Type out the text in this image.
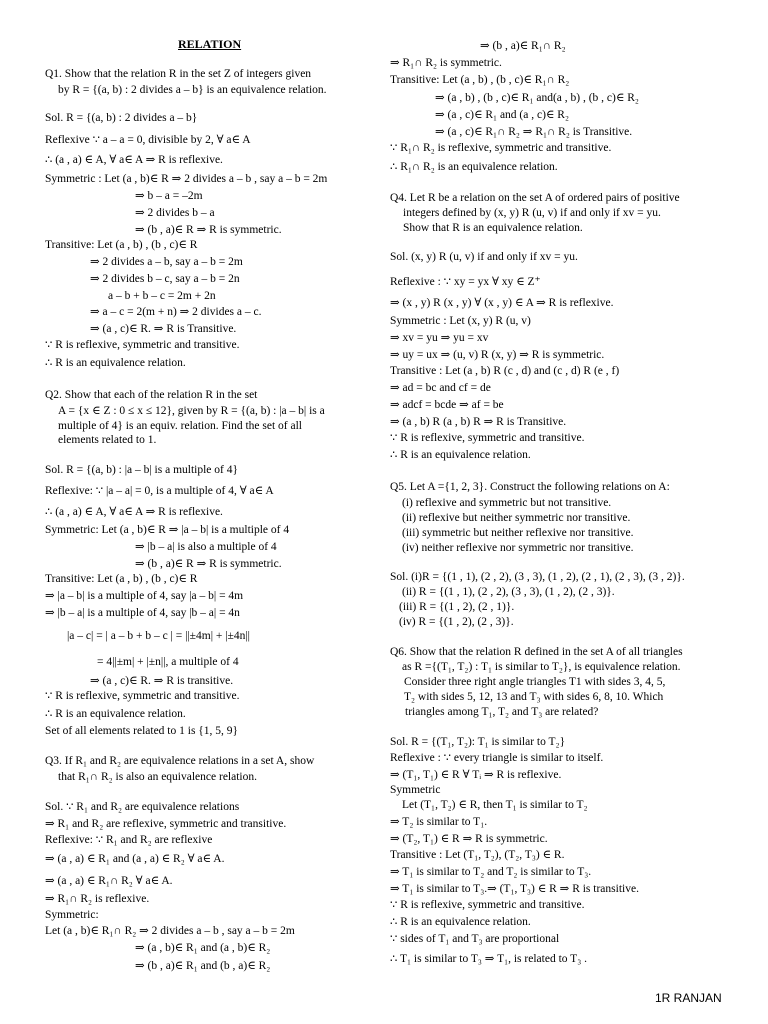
RELATION
Q1. Show that the relation R in the set Z of integers given
by R = {(a, b) : 2 divides a – b} is an equivalence relation.
Sol. R = {(a, b) : 2 divides a – b}
Reflexive ∵ a – a = 0, divisible by 2, ∀ a∈ A
∴ (a , a) ∈ A, ∀ a∈ A ⇒ R is reflexive.
Symmetric : Let (a , b)∈ R ⇒ 2 divides a – b , say a – b = 2m
⇒ b – a = –2m
⇒ 2 divides b – a
⇒ (b , a)∈ R ⇒ R is symmetric.
Transitive: Let (a , b) , (b , c)∈ R
⇒ 2 divides a – b, say a – b = 2m
⇒ 2 divides b – c, say a – b = 2n
a – b + b – c = 2m + 2n
⇒ a – c = 2(m + n) ⇒ 2 divides a – c.
⇒ (a , c)∈ R. ⇒ R is Transitive.
∵ R is reflexive, symmetric and transitive.
∴ R is an equivalence relation.
Q2. Show that each of the relation R in the set
A = {x ∈ Z : 0 ≤ x ≤ 12}, given by R = {(a, b) : |a – b| is a
multiple of 4} is an equiv. relation. Find the set of all
elements related to 1.
Sol. R = {(a, b) : |a – b| is a multiple of 4}
Reflexive: ∵ |a – a| = 0, is a multiple of 4, ∀ a∈ A
∴ (a , a) ∈ A, ∀ a∈ A ⇒ R is reflexive.
Symmetric: Let (a , b)∈ R ⇒ |a – b| is a multiple of 4
⇒ |b – a| is also a multiple of 4
⇒ (b , a)∈ R ⇒ R is symmetric.
Transitive: Let (a , b) , (b , c)∈ R
⇒ |a – b| is a multiple of 4, say |a – b| = 4m
⇒ |b – a| is a multiple of 4, say |b – a| = 4n
|a – c| = | a – b + b – c | = ||±4m| + |±4n||
= 4||±m| + |±n||, a multiple of 4
⇒ (a , c)∈ R. ⇒ R is transitive.
∵ R is reflexive, symmetric and transitive.
∴ R is an equivalence relation.
Set of all elements related to 1 is {1, 5, 9}
Q3. If R₁ and R₂ are equivalence relations in a set A, show
that R₁∩ R₂ is also an equivalence relation.
Sol. ∵ R₁ and R₂ are equivalence relations
⇒ R₁ and R₂ are reflexive, symmetric and transitive.
Reflexive: ∵ R₁ and R₂ are reflexive
⇒ (a , a) ∈ R₁ and (a , a) ∈ R₂ ∀ a∈ A.
⇒ (a , a) ∈ R₁∩ R₂ ∀ a∈ A.
⇒ R₁∩ R₂ is reflexive.
Symmetric:
Let (a , b)∈ R₁∩ R₂ ⇒ 2 divides a – b , say a – b = 2m
⇒ (a , b)∈ R₁ and (a , b)∈ R₂
⇒ (b , a)∈ R₁ and (b , a)∈ R₂
⇒ (b , a)∈ R₁∩ R₂
⇒ R₁∩ R₂ is symmetric.
Transitive: Let (a , b) , (b , c)∈ R₁∩ R₂
⇒ (a , b) , (b , c)∈ R₁ and(a , b) , (b , c)∈ R₂
⇒ (a , c)∈ R₁ and (a , c)∈ R₂
⇒ (a , c)∈ R₁∩ R₂ ⇒ R₁∩ R₂ is Transitive.
∵ R₁∩ R₂ is reflexive, symmetric and transitive.
∴ R₁∩ R₂ is an equivalence relation.
Q4. Let R be a relation on the set A of ordered pairs of positive
integers defined by (x, y) R (u, v) if and only if xv = yu.
Show that R is an equivalence relation.
Sol. (x, y) R (u, v) if and only if xv = yu.
Reflexive : ∵ xy = yx ∀ xy ∈ Z⁺
⇒ (x , y) R (x , y) ∀ (x , y) ∈ A ⇒ R is reflexive.
Symmetric : Let (x, y) R (u, v)
⇒ xv = yu ⇒ yu = xv
⇒ uy = ux ⇒ (u, v) R (x, y) ⇒ R is symmetric.
Transitive : Let (a , b) R (c , d) and (c , d) R (e , f)
⇒ ad = bc and cf = de
⇒ adcf = bcde ⇒ af = be
⇒ (a , b) R (a , b) R ⇒ R is Transitive.
∵ R is reflexive, symmetric and transitive.
∴ R is an equivalence relation.
Q5. Let A ={1, 2, 3}. Construct the following relations on A:
(i) reflexive and symmetric but not transitive.
(ii) reflexive but neither symmetric nor transitive.
(iii) symmetric but neither reflexive nor transitive.
(iv) neither reflexive nor symmetric nor transitive.
Sol. (i)R = {(1 , 1), (2 , 2), (3 , 3), (1 , 2), (2 , 1), (2 , 3), (3 , 2)}.
(ii) R = {(1 , 1), (2 , 2), (3 , 3), (1 , 2), (2 , 3)}.
(iii) R = {(1 , 2), (2 , 1)}.
(iv) R = {(1 , 2), (2 , 3)}.
Q6. Show that the relation R defined in the set A of all triangles
as R ={(T₁, T₂) : T₁ is similar to T₂}, is equivalence relation.
Consider three right angle triangles T1 with sides 3, 4, 5,
T₂ with sides 5, 12, 13 and T₃ with sides 6, 8, 10. Which
triangles among T₁, T₂ and T₃ are related?
Sol. R = {(T₁, T₂): T₁ is similar to T₂}
Reflexive : ∵ every triangle is similar to itself.
⇒ (T₁, T₁) ∈ R ∀ Tᵢ ⇒ R is reflexive.
Symmetric
Let (T₁, T₂) ∈ R, then T₁ is similar to T₂
⇒ T₂ is similar to T₁.
⇒ (T₂, T₁) ∈ R ⇒ R is symmetric.
Transitive : Let (T₁, T₂), (T₂, T₃) ∈ R.
⇒ T₁ is similar to T₂ and T₂ is similar to T₃.
⇒ T₁ is similar to T₃.⇒ (T₁, T₃) ∈ R ⇒ R is transitive.
∵ R is reflexive, symmetric and transitive.
∴ R is an equivalence relation.
∵ sides of T₁ and T₃ are proportional
∴ T₁ is similar to T₃ ⇒ T₁, is related to T₃ .
1R RANJAN
